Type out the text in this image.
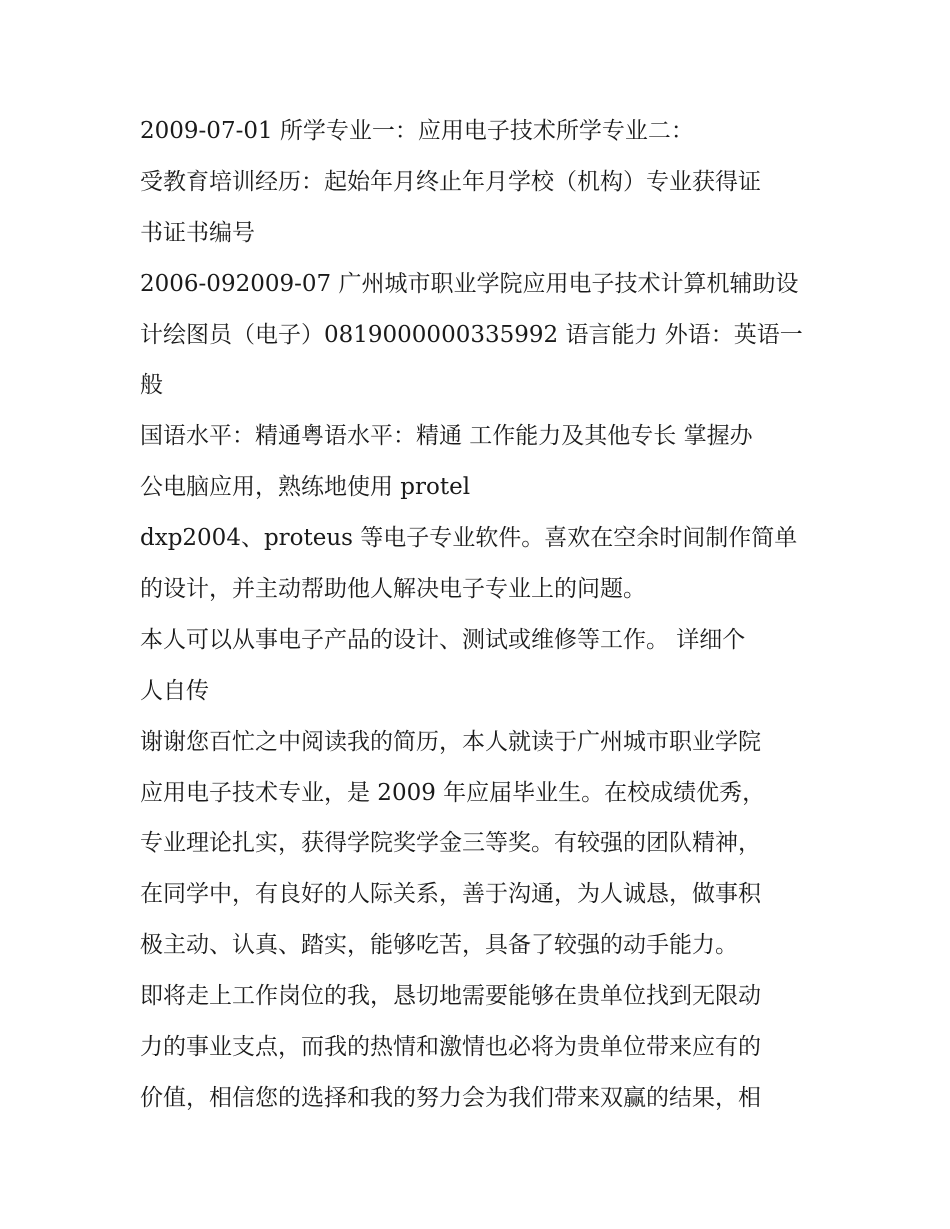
2009-07-01 所学专业一：应用电子技术所学专业二：
受教育培训经历：起始年月终止年月学校（机构）专业获得证
书证书编号
2006-092009-07 广州城市职业学院应用电子技术计算机辅助设
计绘图员（电子）0819000000335992 语言能力 外语：英语一
般
国语水平：精通粤语水平：精通 工作能力及其他专长 掌握办
公电脑应用，熟练地使用 protel
dxp2004、proteus 等电子专业软件。喜欢在空余时间制作简单
的设计，并主动帮助他人解决电子专业上的问题。
本人可以从事电子产品的设计、测试或维修等工作。 详细个
人自传
谢谢您百忙之中阅读我的简历，本人就读于广州城市职业学院
应用电子技术专业，是 2009 年应届毕业生。在校成绩优秀，
专业理论扎实，获得学院奖学金三等奖。有较强的团队精神，
在同学中，有良好的人际关系，善于沟通，为人诚恳，做事积
极主动、认真、踏实，能够吃苦，具备了较强的动手能力。
即将走上工作岗位的我，恳切地需要能够在贵单位找到无限动
力的事业支点，而我的热情和激情也必将为贵单位带来应有的
价值，相信您的选择和我的努力会为我们带来双赢的结果，相
